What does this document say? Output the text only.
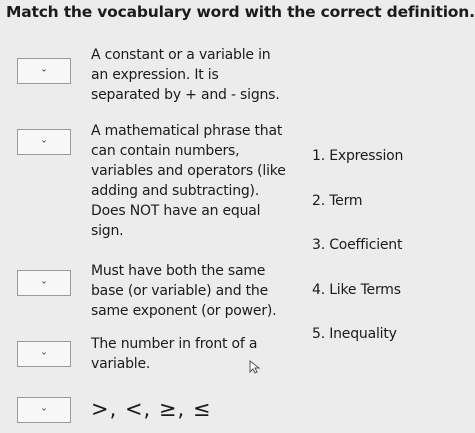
Match the vocabulary word with the correct definition.
⌄
⌄
⌄
⌄
⌄
A constant or a variable in
an expression. It is
separated by + and - signs.
A mathematical phrase that
can contain numbers,
variables and operators (like
adding and subtracting).
Does NOT have an equal
sign.
Must have both the same
base (or variable) and the
same exponent (or power).
The number in front of a
variable.
>, <, ≥, ≤
1. Expression
2. Term
3. Coefficient
4. Like Terms
5. Inequality
